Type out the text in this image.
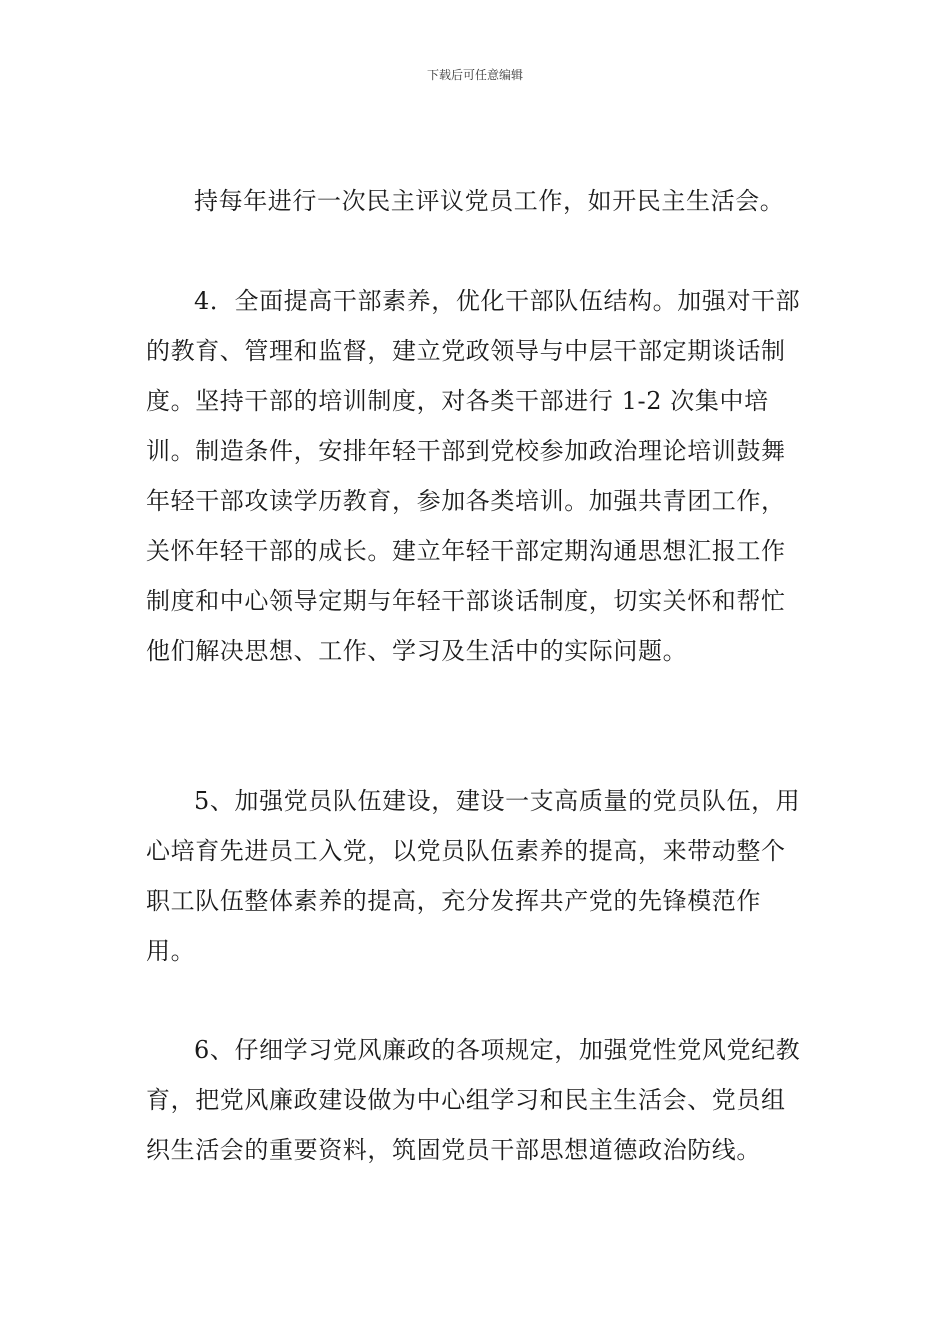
下载后可任意编辑

持每年进行一次民主评议党员工作，如开民主生活会。

4．全面提高干部素养，优化干部队伍结构。加强对干部的教育、管理和监督，建立党政领导与中层干部定期谈话制度。坚持干部的培训制度，对各类干部进行 1-2 次集中培训。制造条件，安排年轻干部到党校参加政治理论培训鼓舞年轻干部攻读学历教育，参加各类培训。加强共青团工作，关怀年轻干部的成长。建立年轻干部定期沟通思想汇报工作制度和中心领导定期与年轻干部谈话制度，切实关怀和帮忙他们解决思想、工作、学习及生活中的实际问题。

5、加强党员队伍建设，建设一支高质量的党员队伍，用心培育先进员工入党，以党员队伍素养的提高，来带动整个职工队伍整体素养的提高，充分发挥共产党的先锋模范作用。

6、仔细学习党风廉政的各项规定，加强党性党风党纪教育，把党风廉政建设做为中心组学习和民主生活会、党员组织生活会的重要资料，筑固党员干部思想道德政治防线。
